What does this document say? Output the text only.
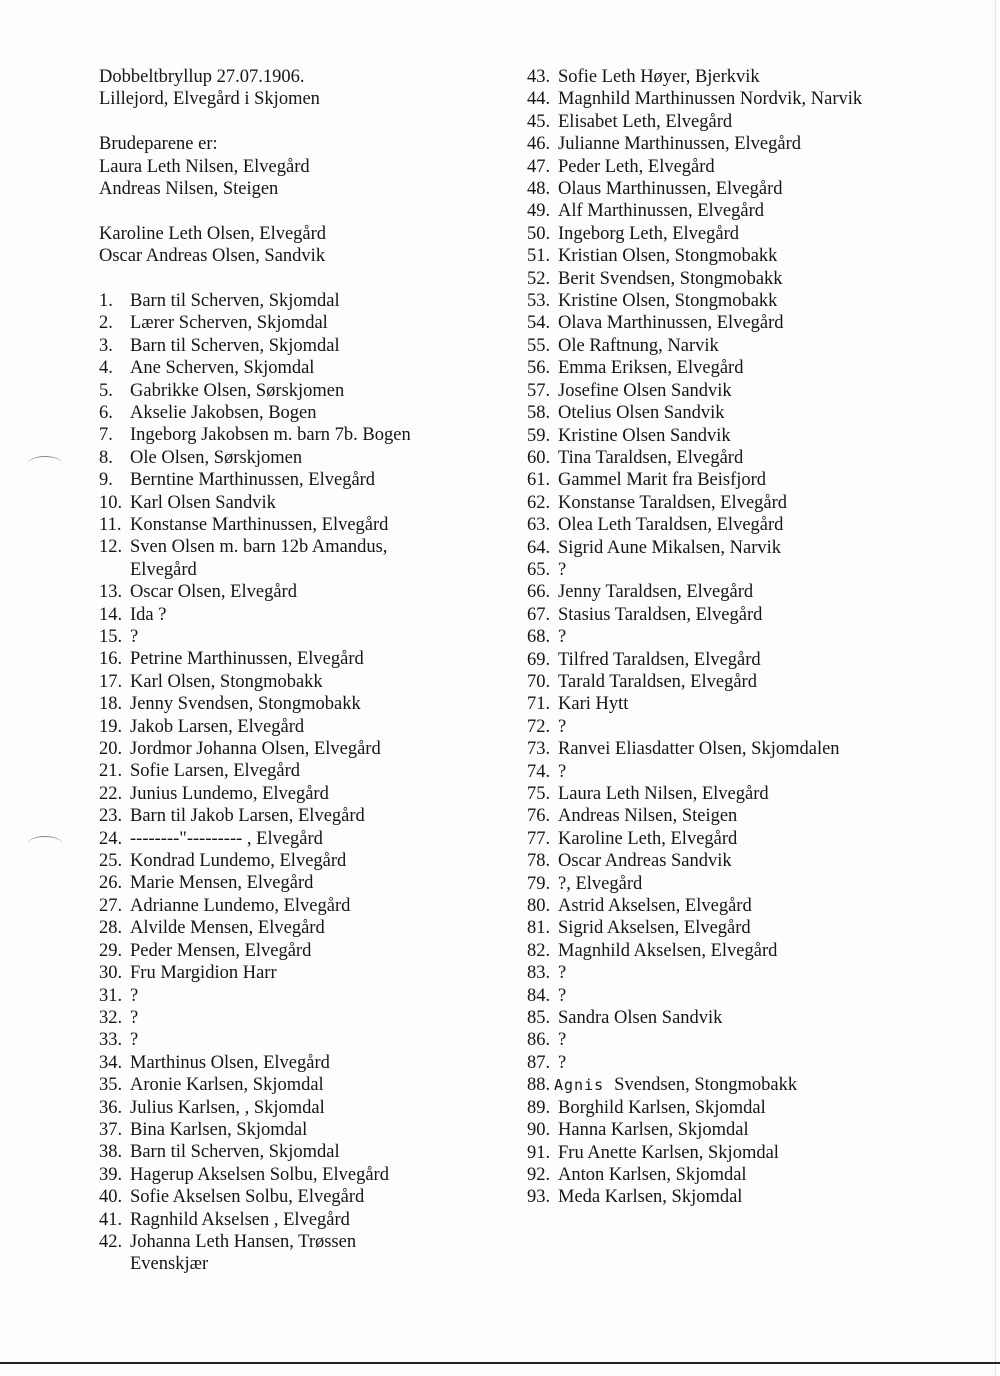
Dobbeltbryllup 27.07.1906.
Lillejord, Elvegård i Skjomen
Brudeparene er:
Laura Leth Nilsen, Elvegård
Andreas Nilsen, Steigen
Karoline Leth Olsen, Elvegård
Oscar Andreas Olsen, Sandvik
1. Barn til Scherven, Skjomdal
2. Lærer Scherven, Skjomdal
3. Barn til Scherven, Skjomdal
4. Ane Scherven, Skjomdal
5. Gabrikke Olsen, Sørskjomen
6. Akselie Jakobsen, Bogen
7. Ingeborg Jakobsen m. barn 7b. Bogen
8. Ole Olsen, Sørskjomen
9. Berntine Marthinussen, Elvegård
10. Karl Olsen Sandvik
11. Konstanse Marthinussen, Elvegård
12. Sven Olsen m. barn 12b Amandus, Elvegård
13. Oscar Olsen, Elvegård
14. Ida ?
15. ?
16. Petrine Marthinussen, Elvegård
17. Karl Olsen, Stongmobakk
18. Jenny Svendsen, Stongmobakk
19. Jakob Larsen, Elvegård
20. Jordmor Johanna Olsen, Elvegård
21. Sofie Larsen, Elvegård
22. Junius Lundemo, Elvegård
23. Barn til Jakob Larsen, Elvegård
24. --------"--------- , Elvegård
25. Kondrad Lundemo, Elvegård
26. Marie Mensen, Elvegård
27. Adrianne Lundemo, Elvegård
28. Alvilde Mensen, Elvegård
29. Peder Mensen, Elvegård
30. Fru Margidion Harr
31. ?
32. ?
33. ?
34. Marthinus Olsen, Elvegård
35. Aronie Karlsen, Skjomdal
36. Julius Karlsen, , Skjomdal
37. Bina Karlsen, Skjomdal
38. Barn til Scherven, Skjomdal
39. Hagerup Akselsen Solbu, Elvegård
40. Sofie Akselsen Solbu, Elvegård
41. Ragnhild Akselsen , Elvegård
42. Johanna Leth Hansen, Trøssen Evenskjær
43. Sofie Leth Høyer, Bjerkvik
44. Magnhild Marthinussen Nordvik, Narvik
45. Elisabet Leth, Elvegård
46. Julianne Marthinussen, Elvegård
47. Peder Leth, Elvegård
48. Olaus Marthinussen, Elvegård
49. Alf Marthinussen, Elvegård
50. Ingeborg Leth, Elvegård
51. Kristian Olsen, Stongmobakk
52. Berit Svendsen, Stongmobakk
53. Kristine Olsen, Stongmobakk
54. Olava Marthinussen, Elvegård
55. Ole Raftnung, Narvik
56. Emma Eriksen, Elvegård
57. Josefine Olsen Sandvik
58. Otelius Olsen Sandvik
59. Kristine Olsen Sandvik
60. Tina Taraldsen, Elvegård
61. Gammel Marit fra Beisfjord
62. Konstanse Taraldsen, Elvegård
63. Olea Leth Taraldsen, Elvegård
64. Sigrid Aune Mikalsen, Narvik
65. ?
66. Jenny Taraldsen, Elvegård
67. Stasius Taraldsen, Elvegård
68. ?
69. Tilfred Taraldsen, Elvegård
70. Tarald Taraldsen, Elvegård
71. Kari Hytt
72. ?
73. Ranvei Eliasdatter Olsen, Skjomdalen
74. ?
75. Laura Leth Nilsen, Elvegård
76. Andreas Nilsen, Steigen
77. Karoline Leth, Elvegård
78. Oscar Andreas Sandvik
79. ?, Elvegård
80. Astrid Akselsen, Elvegård
81. Sigrid Akselsen, Elvegård
82. Magnhild Akselsen, Elvegård
83. ?
84. ?
85. Sandra Olsen Sandvik
86. ?
87. ?
88. Agnis Svendsen, Stongmobakk
89. Borghild Karlsen, Skjomdal
90. Hanna Karlsen, Skjomdal
91. Fru Anette Karlsen, Skjomdal
92. Anton Karlsen, Skjomdal
93. Meda Karlsen, Skjomdal
